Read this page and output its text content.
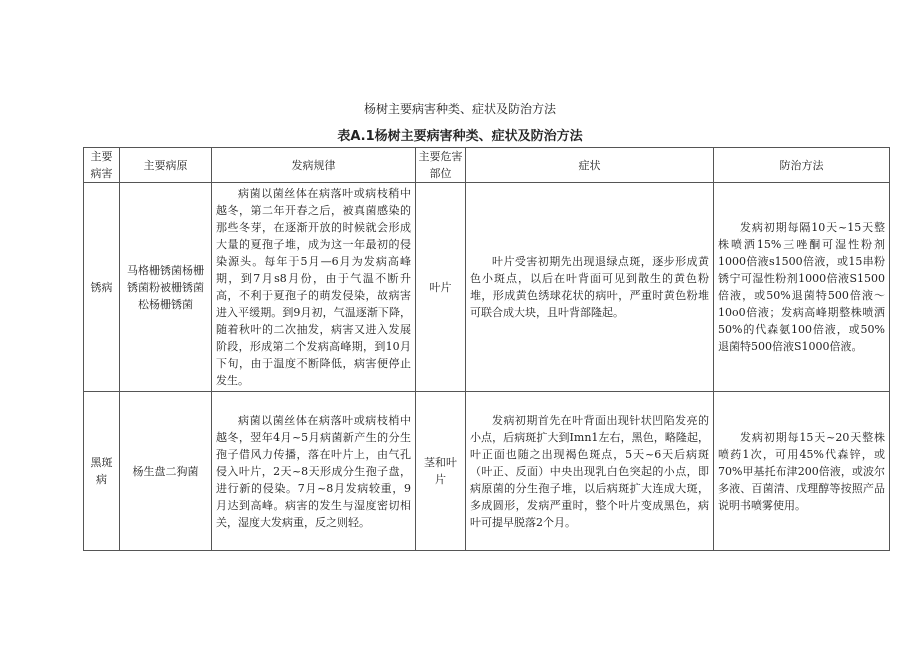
杨树主要病害种类、症状及防治方法
表A.1杨树主要病害种类、症状及防治方法
主要病害	主要病原	发病规律	主要危害部位	症状	防治方法
锈病	马格栅锈菌杨栅锈菌粉被栅锈菌松杨栅锈菌	病菌以菌丝体在病落叶或病枝稍中越冬，第二年开春之后，被真菌感染的那些冬芽，在逐渐开放的时候就会形成大量的夏孢子堆，成为这一年最初的侵染源头。每年于5月—6月为发病高峰期，到7月s8月份，由于气温不断升高，不利于夏孢子的萌发侵染，故病害进入平缓期。到9月初，气温逐渐下降，随着秋叶的二次抽发，病害又进入发展阶段，形成第二个发病高峰期，到10月下旬，由于温度不断降低，病害便停止发生。	叶片	叶片受害初期先出现退绿点斑，逐步形成黄色小斑点，以后在叶背面可见到散生的黄色粉堆，形成黄色绣球花状的病叶，严重时黄色粉堆可联合成大块，且叶背部隆起。	发病初期每隔10天~15天整株喷洒15%三唑酮可湿性粉剂1000倍液s1500倍液，或15串粉锈宁可湿性粉剂1000倍液S1500倍液，或50%退菌特500倍液～10o0倍液；发病高峰期整株喷洒50%的代森氨100倍液，或50%退菌特500倍液S1000倍液。
黑斑病	杨生盘二狗菌	病菌以菌丝体在病落叶或病枝梢中越冬，翌年4月~5月病菌新产生的分生孢子借风力传播，落在叶片上，由气孔侵入叶片，2天~8天形成分生孢子盘，进行新的侵染。7月~8月发病较重，9月达到高峰。病害的发生与湿度密切相关，湿度大发病重，反之则轻。	茎和叶片	发病初期首先在叶背面出现针状凹陷发亮的小点，后病斑扩大到Imn1左右，黑色，略隆起，叶正面也随之出现褐色斑点，5天~6天后病斑（叶正、反面）中央出现乳白色突起的小点，即病原菌的分生孢子堆，以后病斑扩大连成大斑，多成圆形，发病严重时，整个叶片变成黑色，病叶可提早脱落2个月。	发病初期每15天~20天整株喷药1次，可用45%代森锌，或70%甲基托布津200倍液，或波尔多液、百菌清、戊理醇等按照产品说明书喷雾使用。
